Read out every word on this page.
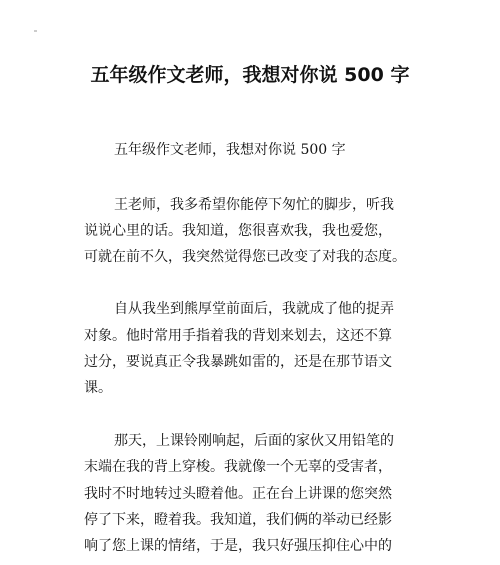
五年级作文老师，我想对你说 500 字
五年级作文老师，我想对你说 500 字
王老师，我多希望你能停下匆忙的脚步，听我
说说心里的话。我知道，您很喜欢我，我也爱您，
可就在前不久，我突然觉得您已改变了对我的态度。
自从我坐到熊厚堂前面后，我就成了他的捉弄
对象。他时常用手指着我的背划来划去，这还不算
过分，要说真正令我暴跳如雷的，还是在那节语文
课。
那天，上课铃刚响起，后面的家伙又用铅笔的
末端在我的背上穿梭。我就像一个无辜的受害者，
我时不时地转过头瞪着他。正在台上讲课的您突然
停了下来，瞪着我。我知道，我们俩的举动已经影
响了您上课的情绪，于是，我只好强压抑住心中的
